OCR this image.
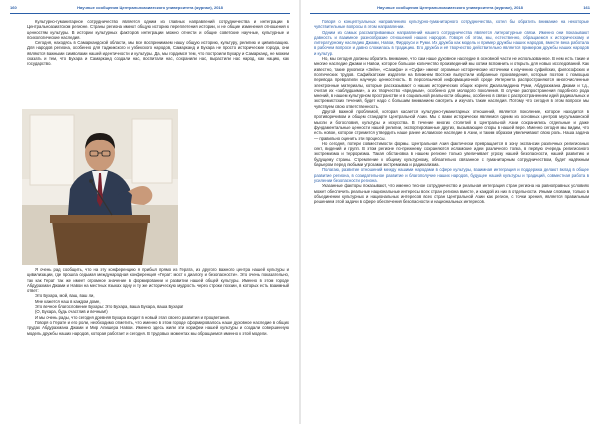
160	Научные сообщения Центральноазиатского университета (журнал), 2018

Культурно-гуманитарное сотрудничество является одним из главных направлений сотрудничества и интеграции в Центральноазиатском регионе. Страны региона имеют общую историю переплетения истории, и не общие изменения отношения к ценностям культуры. В истории культурных факторов интеграции можно отнести и общие советские научные, культурные и психологические наследия.

Сегодня, находясь в Самаркандской области, мы все воспринимаем нашу общую историю, культуру, религию и цивилизацию. Для народов региона, особенно для таджикского и узбекского народов, Самарканд и Бухара не просто исторические города, они являются важными символами нашей идентичности и культуры. Да, мы гордимся тем, что построили Бухару и Самарканд, не можем сказать и тем, что Бухара и Самарканд создали нас, воспитали нас, сохранили нас, вырастили нас народ, как нацию, как государство.

Я очень рад сообщить, что на эту конференцию я прибыл прямо из Герата, из другого важного центра нашей культуры и цивилизации, где прошла седьмая международная конференция «Герат: мост к диалогу и безопасности». Это очень показательно, так как Герат так же имеет огромное значение в формировании и развитии нашей общей культуры. Именно в этом городе Абдурахман Джами и Навои на местных языках одну и ту же историческую мудрость через строки поэзии, в которых есть взаимный ответ:

Это Бухара, мой, ваш, ваш ли,

Мне кажется наш в каждом доме,

Это вечное благословение Бухары: Это Бухара, ваша Бухара, ваша Бухара!

(О, Бухара, будь счастлив и вечным!)

И мы очень рады, что сегодня древняя Бухара входит в новый этап своего развития и процветания.

Говоря о Герате и его роли, необходимо отметить, что именно в этом городе сформировалось наше духовное наследие в общих трудах Абдурахмана Джами и Мир Алишера Навои. Именно здесь жили эти корифеи нашей культуры и создали совершенную модель дружбы наших народов, которая работает и сегодня. В трудовых моментах мы обращаемся именно к этой модели.

Научные сообщения Центральноазиатского университета (журнал), 2018	161

Говоря о концептуальных направлениях культурно-гуманитарного сотрудничества, хотел бы обратить внимание на некоторые чувствительные вопросы в этом направлении.

Одним из самых рассматриваемых направлений нашего сотрудничества является литературные связи. Именно они показывают давность и взаимное разнообразие отношений наших народов. Говоря об этом, мы, естественно, обращаемся к историческому и литературному наследию Джами, Навои, Фирдоуси и Руми. Их дружба как модель и пример дружбы наших народов, вместе века работала в рабочем вопросе и давно сложилась в традицию. Его дружба и её творчество действительно является примером дружбы наших народов и культур.

Но, мы сегодня должны обратить внимание, что сам наше духовное наследие в основной части не использованное. В нем есть такие и многие наследие Джами и Навои, которое большое количество произведений мы хотим вспомнить и открыть для новых исследований. Как известно, такие рукописи «Зейн», «Сахифа» и «Суфи» имеют огромные исторические источники к изучению суфийских, философских и поэтических трудов. Сафийхатские издатели на Ближнем Востоке выпустили избранные произведения, которые поэтом с помощью перевода превратили научную ценностность. В персоязычной информационной среде Интернета распространяются многочисленные электронные материалы, которые рассказывают о наших исторических общих корнях Джалалиддина Руми, Абдурахмана Джами и т.д., считая их «заблудшими», а их творчество «вредным», особенно для молодого поколения. В случае распространения подобного рода мнений, в нашем культурном пространстве и в социальной реальности общины, особенно в связи с распространением идей радикальных и экстремистских течений, будет надо с большим вниманием смотреть и изучать такие наследия. Потому что сегодня в этом вопросе мы чувствуем свою ответственность.

Другой важной проблемой, которая касается культурно-гуманитарных отношений, является поколение, которое находится в противоречивом и общем стандарте Центральной Азии. Мы с вами исторически являемся одним из основных центров мусульманской мысли и богословия, культуры и искусства. В течение многих столетий в Центральной Азии сохранились отдельные и даже фундаментальные ценности нашей религии, экспортированные других, вызывающие споры в нашей вере. Именно сегодня мы видим, что есть новое, которое стремится утвердить наше ранее исламское наследие в Азии, и таким образом увеличивают свою роль. Наша задача — правильно оценить эти процессы.

Но сегодня, потери совместимости формы. Центральная Азия фактически превращается в зону экспансии различных религиозных сект, видений и групп. В этом регионе по-прежнему сохраняются исламские идеи различного толка, в первую очередь религиозного экстремизма и терроризма. Такая обстановка в нашем регионе только увеличивает угрозу нашей безопасности, нашей развитию и будущему страны. Стремление к общему культурному, обязательно связанное с гуманитарным сотрудничеством, будет надёжным барьером перед любыми угрозами экстремизма и радикализма.

Полагаю, развитие отношений между нашими народами в сфере культуры, взаимная интеграция и поддержка делают вклад в общее развитие региона, в созидательное развитие и благополучие наших народов, будущее нашей культуры и традиций, совместная работа в усилении безопасности региона.

Указанные факторы показывают, что именно тесное сотрудничество и реальная интеграция стран региона на равноправных условиях может обеспечить реальные национальные интересы всех стран региона вместе, и каждой из них в отдельности. Иными словами, только в объединении культурных и национальных интересов всех стран Центральной Азии как регион, с точки зрения, является правильным решением этой задачи в сфере обеспечения безопасности и национальных интересов.
